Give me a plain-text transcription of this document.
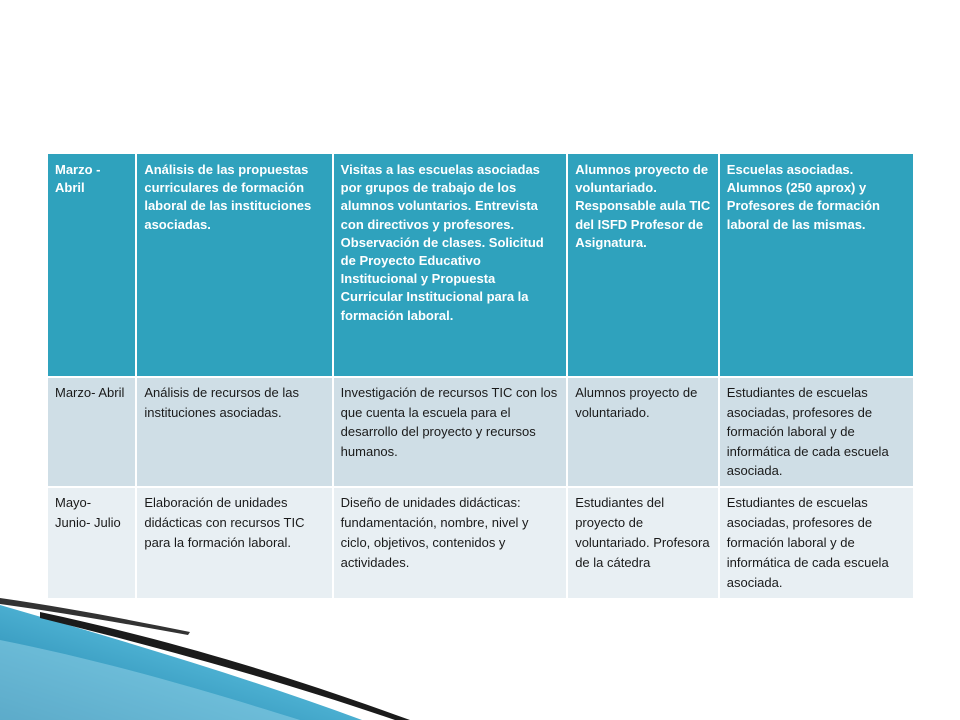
Marzo - Abril	Análisis de las propuestas curriculares de formación laboral de las instituciones asociadas.	Visitas a las escuelas asociadas por grupos de trabajo de los alumnos voluntarios. Entrevista con directivos y profesores. Observación de clases. Solicitud de Proyecto Educativo Institucional y Propuesta Curricular Institucional para la formación laboral.	Alumnos proyecto de voluntariado. Responsable aula TIC del ISFD Profesor de Asignatura.	Escuelas asociadas. Alumnos (250 aprox) y Profesores de formación laboral de las mismas.
Marzo- Abril	Análisis de recursos de las instituciones asociadas.	Investigación de recursos TIC con los que cuenta la escuela para el desarrollo del proyecto y recursos humanos.	Alumnos proyecto de voluntariado.	Estudiantes de escuelas asociadas, profesores de formación laboral y de informática de cada escuela asociada.
Mayo- Junio- Julio	Elaboración de unidades didácticas con recursos TIC para la formación laboral.	Diseño de unidades didácticas: fundamentación, nombre, nivel y ciclo, objetivos, contenidos y actividades.	Estudiantes del proyecto de voluntariado. Profesora de la cátedra	Estudiantes de escuelas asociadas, profesores de formación laboral y de informática de cada escuela asociada.
